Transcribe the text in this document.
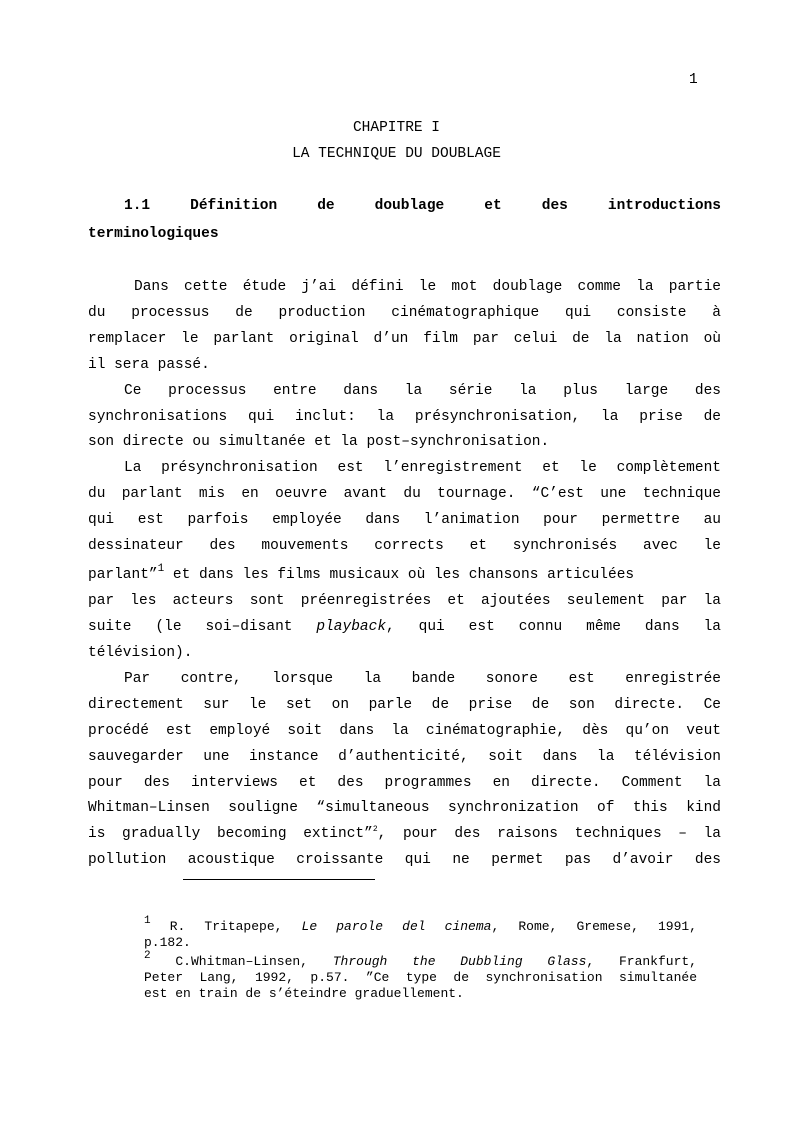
1
CHAPITRE I
LA TECHNIQUE DU DOUBLAGE
1.1	Définition de doublage et des introductions
terminologiques
Dans cette étude j’ai défini le mot doublage comme la partie
du processus de production cinématographique qui consiste à
remplacer le parlant original d’un film par celui de la nation où
il sera passé.
Ce processus entre dans la série la plus large des
synchronisations qui inclut: la présynchronisation, la prise de
son directe ou simultanée et la post–synchronisation.
La présynchronisation est l’enregistrement et le complètement
du parlant mis en oeuvre avant du tournage. “C’est une technique
qui est parfois employée dans l’animation pour permettre au
dessinateur des mouvements corrects et synchronisés avec le
parlant”$^1$ et dans les films musicaux où les chansons articulées
par les acteurs sont préenregistrées et ajoutées seulement par la
suite (le soi–disant playback, qui est connu même dans la
télévision).
Par contre, lorsque la bande sonore est enregistrée
directement sur le set on parle de prise de son directe. Ce
procédé est employé soit dans la cinématographie, dès qu’on veut
sauvegarder une instance d’authenticité, soit dans la télévision
pour des interviews et des programmes en directe. Comment la
Whitman–Linsen souligne “simultaneous synchronization of this kind
is gradually becoming extinct”$^2$, pour des raisons techniques – la
pollution acoustique croissante qui ne permet pas d’avoir des
$^1$ R. Tritapepe, Le parole del cinema, Rome, Gremese, 1991,
p.182.
$^2$ C.Whitman–Linsen, Through the Dubbling Glass, Frankfurt,
Peter Lang, 1992, p.57. ”Ce type de synchronisation simultanée
est en train de s’éteindre graduellement.
